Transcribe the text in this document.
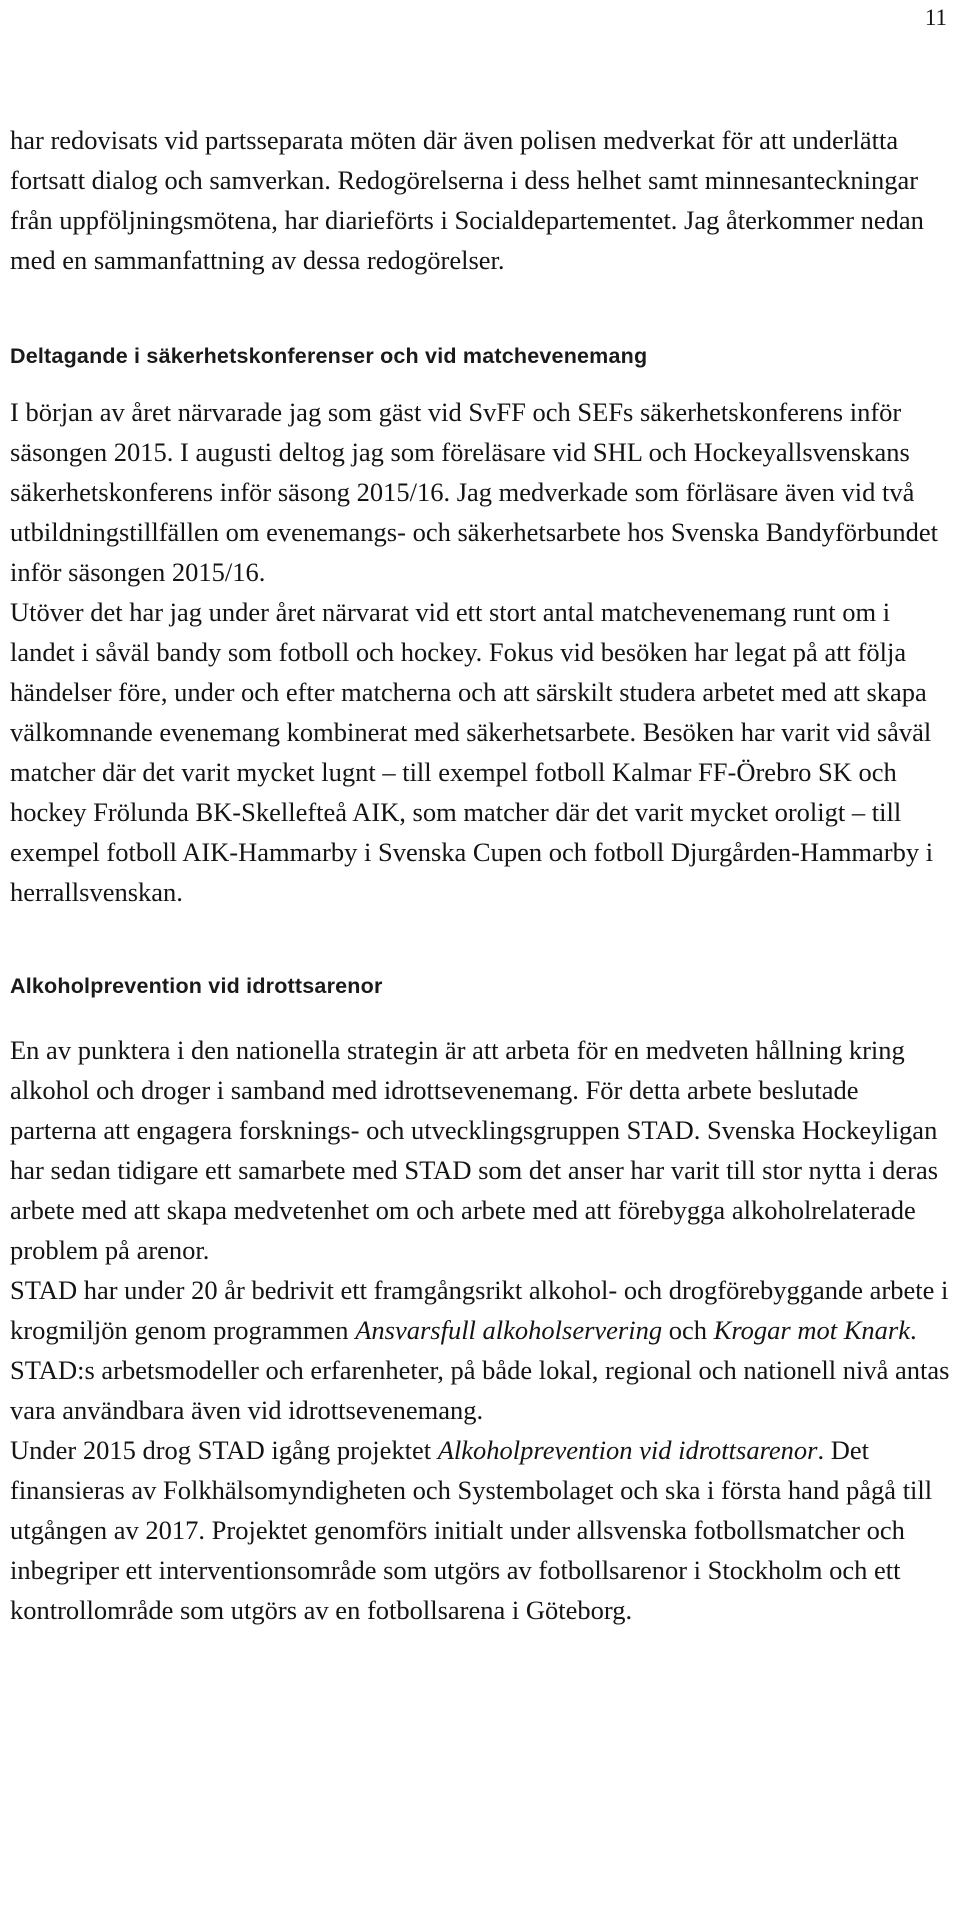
11

har redovisats vid partsseparata möten där även polisen medverkat för att underlätta fortsatt dialog och samverkan. Redogörelserna i dess helhet samt minnesanteckningar från uppföljningsmötena, har diarieförts i Socialdepartementet. Jag återkommer nedan med en sammanfattning av dessa redogörelser.

Deltagande i säkerhetskonferenser och vid matchevenemang

I början av året närvarade jag som gäst vid SvFF och SEFs säkerhetskonferens inför säsongen 2015. I augusti deltog jag som föreläsare vid SHL och Hockeyallsvenskans säkerhetskonferens inför säsong 2015/16. Jag medverkade som förläsare även vid två utbildningstillfällen om evenemangs- och säkerhetsarbete hos Svenska Bandyförbundet inför säsongen 2015/16.

Utöver det har jag under året närvarat vid ett stort antal matchevenemang runt om i landet i såväl bandy som fotboll och hockey. Fokus vid besöken har legat på att följa händelser före, under och efter matcherna och att särskilt studera arbetet med att skapa välkomnande evenemang kombinerat med säkerhetsarbete. Besöken har varit vid såväl matcher där det varit mycket lugnt – till exempel fotboll Kalmar FF-Örebro SK och hockey Frölunda BK-Skellefteå AIK, som matcher där det varit mycket oroligt – till exempel fotboll AIK-Hammarby i Svenska Cupen och fotboll Djurgården-Hammarby i herrallsvenskan.

Alkoholprevention vid idrottsarenor

En av punktera i den nationella strategin är att arbeta för en medveten hållning kring alkohol och droger i samband med idrottsevenemang. För detta arbete beslutade parterna att engagera forsknings- och utvecklingsgruppen STAD. Svenska Hockeyligan har sedan tidigare ett samarbete med STAD som det anser har varit till stor nytta i deras arbete med att skapa medvetenhet om och arbete med att förebygga alkoholrelaterade problem på arenor.

STAD har under 20 år bedrivit ett framgångsrikt alkohol- och drogförebyggande arbete i krogmiljön genom programmen Ansvarsfull alkoholservering och Krogar mot Knark. STAD:s arbetsmodeller och erfarenheter, på både lokal, regional och nationell nivå antas vara användbara även vid idrottsevenemang.

Under 2015 drog STAD igång projektet Alkoholprevention vid idrottsarenor. Det finansieras av Folkhälsomyndigheten och Systembolaget och ska i första hand pågå till utgången av 2017. Projektet genomförs initialt under allsvenska fotbollsmatcher och inbegriper ett interventionsområde som utgörs av fotbollsarenor i Stockholm och ett kontrollområde som utgörs av en fotbollsarena i Göteborg.
